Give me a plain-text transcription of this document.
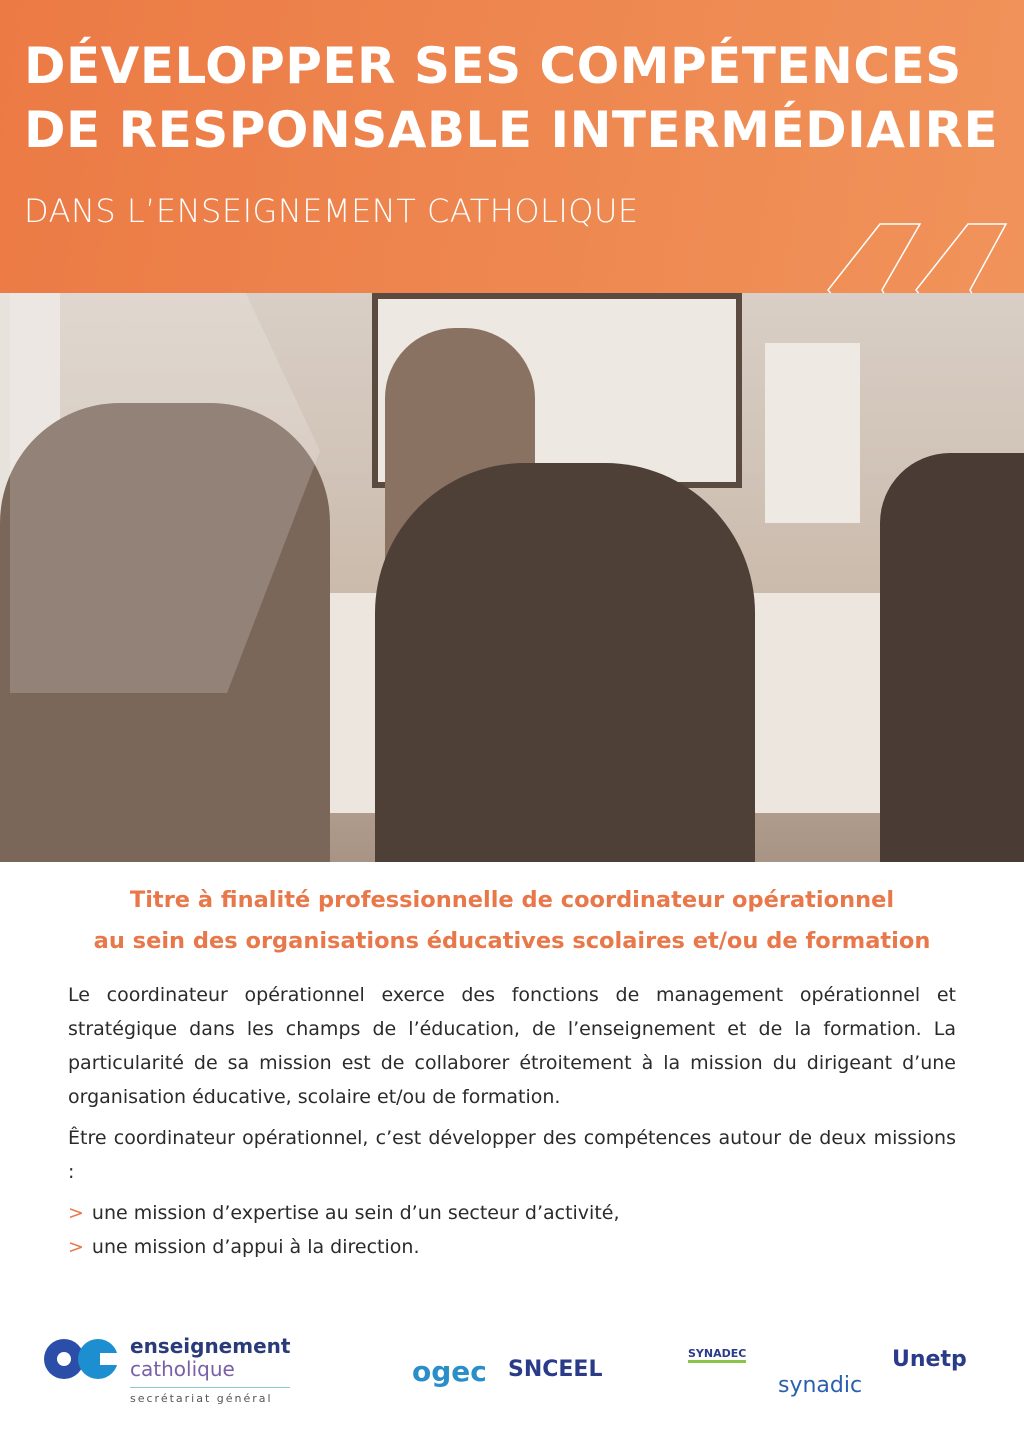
DÉVELOPPER SES COMPÉTENCES
DE RESPONSABLE INTERMÉDIAIRE
DANS L’ENSEIGNEMENT CATHOLIQUE
Titre à finalité professionnelle de coordinateur opérationnel
au sein des organisations éducatives scolaires et/ou de formation

Le coordinateur opérationnel exerce des fonctions de management opérationnel et stratégique dans les champs de l’éducation, de l’enseignement et de la formation. La particularité de sa mission est de collaborer étroitement à la mission du dirigeant d’une organisation éducative, scolaire et/ou de formation.

Être coordinateur opérationnel, c’est développer des compétences autour de deux missions :

> une mission d’expertise au sein d’un secteur d’activité,
> une mission d’appui à la direction.
enseignement
catholique
secrétariat général
ogec SNCEEL
SYNADEC
synadic
Unetp
